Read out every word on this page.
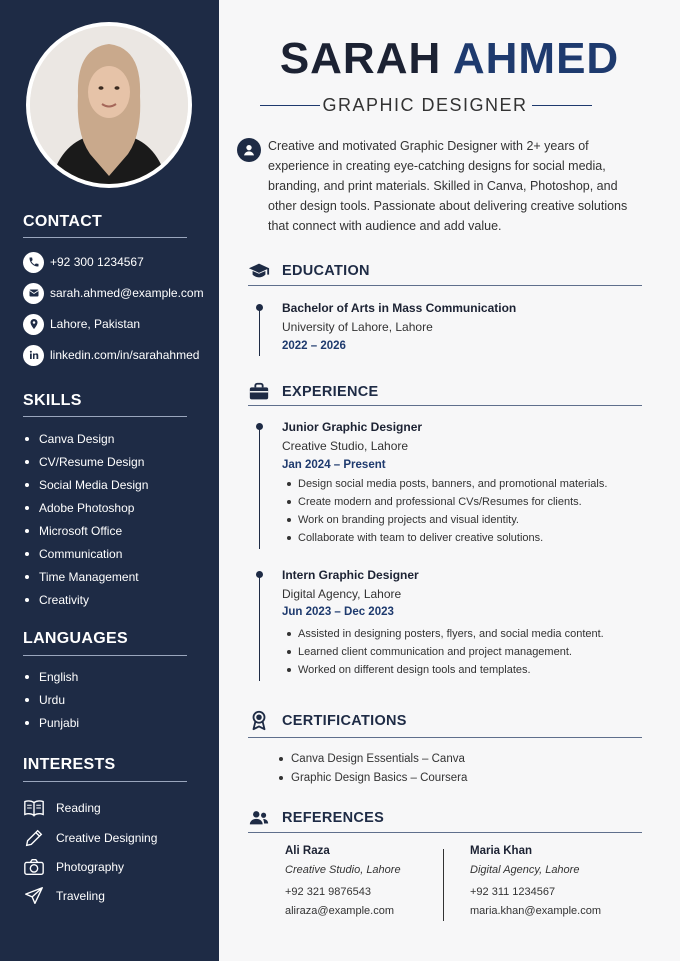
CONTACT
+92 300 1234567
sarah.ahmed@example.com
Lahore, Pakistan
linkedin.com/in/sarahahmed
SKILLS
Canva Design
CV/Resume Design
Social Media Design
Adobe Photoshop
Microsoft Office
Communication
Time Management
Creativity
LANGUAGES
English
Urdu
Punjabi
INTERESTS
Reading
Creative Designing
Photography
Traveling
SARAH AHMED
GRAPHIC DESIGNER
Creative and motivated Graphic Designer with 2+ years of experience in creating eye-catching designs for social media, branding, and print materials. Skilled in Canva, Photoshop, and other design tools. Passionate about delivering creative solutions that connect with audience and add value.
EDUCATION
Bachelor of Arts in Mass Communication
University of Lahore, Lahore
2022 – 2026
EXPERIENCE
Junior Graphic Designer
Creative Studio, Lahore
Jan 2024 – Present
Design social media posts, banners, and promotional materials.
Create modern and professional CVs/Resumes for clients.
Work on branding projects and visual identity.
Collaborate with team to deliver creative solutions.
Intern Graphic Designer
Digital Agency, Lahore
Jun 2023 – Dec 2023
Assisted in designing posters, flyers, and social media content.
Learned client communication and project management.
Worked on different design tools and templates.
CERTIFICATIONS
Canva Design Essentials – Canva
Graphic Design Basics – Coursera
REFERENCES
Ali Raza
Creative Studio, Lahore
+92 321 9876543
aliraza@example.com
Maria Khan
Digital Agency, Lahore
+92 311 1234567
maria.khan@example.com
